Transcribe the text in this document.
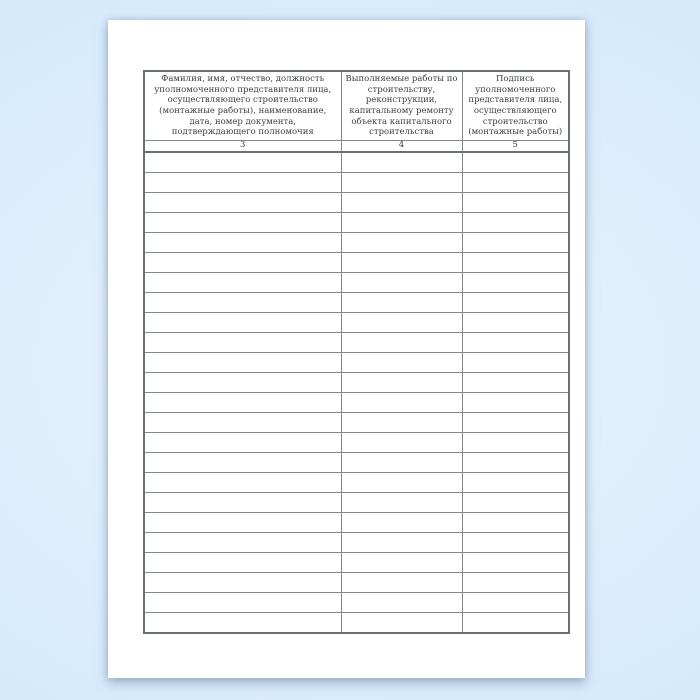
Фамилия, имя, отчество, должность уполномоченного представителя лица, осуществляющего строительство (монтажные работы), наименование, дата, номер документа, подтверждающего полномочия	Выполняемые работы по строительству, реконструкции, капитальному ремонту объекта капитального строительства	Подпись уполномоченного представителя лица, осуществляющего строительство (монтажные работы)
3	4	5
